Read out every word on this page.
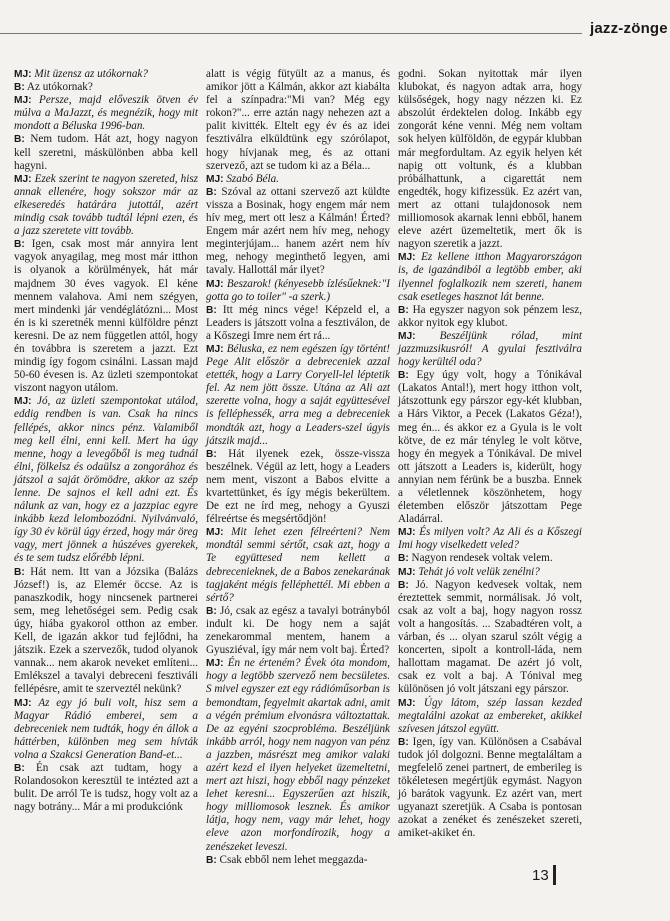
jazz-zönge

MJ: Mit üzensz az utókornak?

B: Az utókornak?

MJ: Persze, majd előveszik ötven év múlva a MaJazzt, és megnézik, hogy mit mondott a Béluska 1996-ban.

B: Nem tudom. Hát azt, hogy nagyon kell szeretni, máskülönben abba kell hagyni.

MJ: Ezek szerint te nagyon szereted, hisz annak ellenére, hogy sokszor már az elkeseredés határára jutottál, azért mindig csak tovább tudtál lépni ezen, és a jazz szeretete vitt tovább.

B: Igen, csak most már annyira lent vagyok anyagilag, meg most már itthon is olyanok a körülmények, hát már majdnem 30 éves vagyok. El kéne mennem valahova. Ami nem szégyen, mert mindenki jár vendéglátózni... Most én is ki szeretnék menni külföldre pénzt keresni. De az nem független attól, hogy én továbbra is szeretem a jazzt. Ezt mindig így fogom csinálni. Lassan majd 50-60 évesen is. Az üzleti szempontokat viszont nagyon utálom.

MJ: Jó, az üzleti szempontokat utálod, eddig rendben is van. Csak ha nincs fellépés, akkor nincs pénz. Valamiből meg kell élni, enni kell. Mert ha úgy menne, hogy a levegőből is meg tudnál élni, fölkelsz és odaülsz a zongorához és játszol a saját örömödre, akkor az szép lenne. De sajnos el kell adni ezt. És nálunk az van, hogy ez a jazzpiac egyre inkább kezd lelombozódni. Nyilvánvaló, így 30 év körül úgy érzed, hogy már öreg vagy, mert jönnek a húszéves gyerekek, és te sem tudsz előrébb lépni.

B: Hát nem. Itt van a Józsika (Balázs József!) is, az Elemér öccse. Az is panaszkodik, hogy nincsenek partnerei sem, meg lehetőségei sem. Pedig csak úgy, hiába gyakorol otthon az ember. Kell, de igazán akkor tud fejlődni, ha játszik. Ezek a szervezők, tudod olyanok vannak... nem akarok neveket említeni... Emlékszel a tavalyi debreceni fesztiváli fellépésre, amit te szerveztél nekünk?

MJ: Az egy jó buli volt, hisz sem a Magyar Rádió emberei, sem a debreceniek nem tudták, hogy én állok a háttérben, különben meg sem hívták volna a Szakcsi Generation Band-et...

B: Én csak azt tudtam, hogy a Rolandosokon keresztül te intézted azt a bulit. De arról Te is tudsz, hogy volt az a nagy botrány... Már a mi produkciónk

alatt is végig fütyült az a manus, és amikor jött a Kálmán, akkor azt kiabálta fel a színpadra:"Mi van? Még egy rokon?"... erre aztán nagy nehezen azt a palit kivitték. Eltelt egy év és az idei fesztiválra elküldtünk egy szórólapot, hogy hívjanak meg, és az ottani szervező, azt se tudom ki az a Béla...

MJ: Szabó Béla.

B: Szóval az ottani szervező azt küldte vissza a Bosinak, hogy engem már nem hív meg, mert ott lesz a Kálmán! Érted? Engem már azért nem hív meg, nehogy meginterjújam... hanem azért nem hív meg, nehogy meginthető legyen, ami tavaly. Hallottál már ilyet?

MJ: Beszarok! (kényesebb ízlésűeknek:"I gotta go to toiler" -a szerk.)

B: Itt még nincs vége! Képzeld el, a Leaders is játszott volna a fesztiválon, de a Kőszegi Imre nem ért rá...

MJ: Béluska, ez nem egészen így történt! Pege Alit először a debreceniek azzal etették, hogy a Larry Coryell-lel léptetik fel. Az nem jött össze. Utána az Ali azt szerette volna, hogy a saját együttesével is felléphessék, arra meg a debreceniek mondták azt, hogy a Leaders-szel úgyis játszik majd...

B: Hát ilyenek ezek, össze-vissza beszélnek. Végül az lett, hogy a Leaders nem ment, viszont a Babos elvitte a kvartettünket, és így mégis bekerültem. De ezt ne írd meg, nehogy a Gyuszi félreértse és megsértődjön!

MJ: Mit lehet ezen félreérteni? Nem mondtál semmi sértőt, csak azt, hogy a Te együttesed nem kellett a debrecenieknek, de a Babos zenekarának tagjaként mégis felléphettél. Mi ebben a sértő?

B: Jó, csak az egész a tavalyi botrányból indult ki. De hogy nem a saját zenekarommal mentem, hanem a Gyusziéval, így már nem volt baj. Érted?

MJ: Én ne érteném? Évek óta mondom, hogy a legtöbb szervező nem becsületes. S mivel egyszer ezt egy rádióműsorban is bemondtam, fegyelmit akartak adni, amit a végén prémium elvonásra változtattak. De az egyéni szocproblémа. Beszéljünk inkább arról, hogy nem nagyon van pénz a jazzben, másrészt meg amikor valaki azért kezd el ilyen helyeket üzemeltetni, mert azt hiszi, hogy ebből nagy pénzeket lehet keresni... Egyszerűen azt hiszik, hogy milliomosok lesznek. És amikor látja, hogy nem, vagy már lehet, hogy eleve azon morfondírozik, hogy a zenészeket leveszi.

B: Csak ebből nem lehet meggazda-

godni. Sokan nyitottak már ilyen klubokat, és nagyon adtak arra, hogy külsőségek, hogy nagy nézzen ki. Ez abszolút érdektelen dolog. Inkább egy zongorát kéne venni. Még nem voltam sok helyen külföldön, de egypár klubban már megfordultam. Az egyik helyen két napig ott voltunk, és a klubban próbálhattunk, a cigarettát nem engedték, hogy kifizessük. Ez azért van, mert az ottani tulajdonosok nem milliomosok akarnak lenni ebből, hanem eleve azért üzemeltetik, mert ők is nagyon szeretik a jazzt.

MJ: Ez kellene itthon Magyarországon is, de igazándiból a legtöbb ember, aki ilyennel foglalkozik nem szereti, hanem csak esetleges hasznot lát benne.

B: Ha egyszer nagyon sok pénzem lesz, akkor nyitok egy klubot.

MJ: Beszéljünk rólad, mint jazzmuzsikusról! A gyulai fesztiválra hogy kerültél oda?

B: Egy úgy volt, hogy a Tónikával (Lakatos Antal!), mert hogy itthon volt, játszottunk egy párszor egy-két klubban, a Hárs Viktor, a Pecek (Lakatos Géza!), meg én... és akkor ez a Gyula is le volt kötve, de ez már tényleg le volt kötve, hogy én megyek a Tónikával. De mivel ott játszott a Leaders is, kiderült, hogy annyian nem férünk be a buszba. Ennek a véletlennek köszönhetem, hogy életemben először játszottam Pege Aladárral.

MJ: És milyen volt? Az Ali és a Kőszegi Imi hogy viselkedett veled?

B: Nagyon rendesek voltak velem.

MJ: Tehát jó volt velük zenélni?

B: Jó. Nagyon kedvesek voltak, nem éreztettek semmit, normálisak. Jó volt, csak az volt a baj, hogy nagyon rossz volt a hangosítás. ... Szabadtéren volt, a várban, és ... olyan szarul szólt végig a koncerten, sipolt a kontroll-láda, nem hallottam magamat. De azért jó volt, csak ez volt a baj. A Tónival meg különösen jó volt játszani egy párszor.

MJ: Úgy látom, szép lassan kezded megtalálni azokat az embereket, akikkel szívesen játszol együtt.

B: Igen, így van. Különösen a Csabával tudok jól dolgozni. Benne megtaláltam a megfelelő zenei partnert, de emberileg is tökéletesen megértjük egymást. Nagyon jó barátok vagyunk. Ez azért van, mert ugyanazt szeretjük. A Csaba is pontosan azokat a zenéket és zenészeket szereti, amiket-akiket én.

13
